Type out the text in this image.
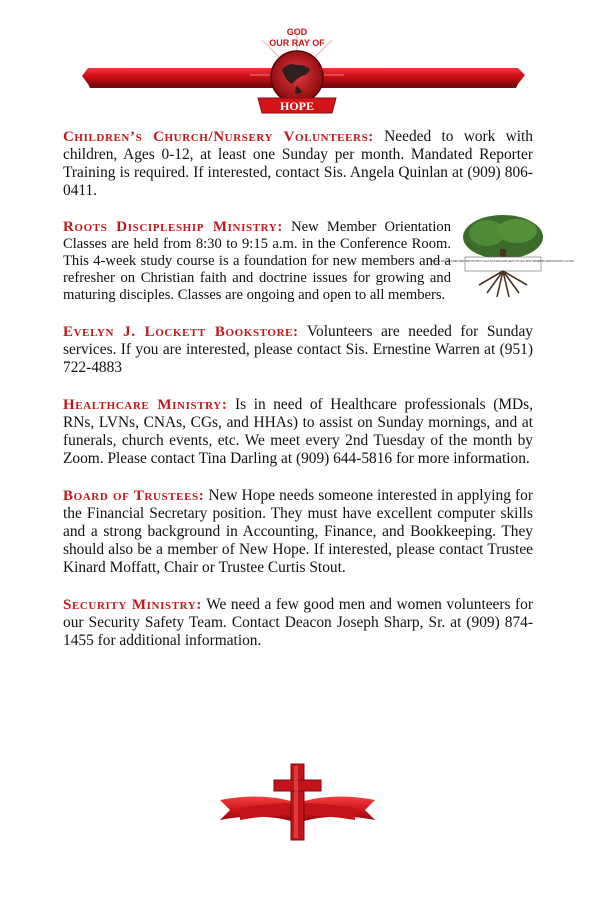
GOD
OUR RAY OF
HOPE

Children’s Church/Nursery Volunteers: Needed to work with children, Ages 0-12, at least one Sunday per month. Mandated Reporter Training is required. If interested, contact Sis. Angela Quinlan at (909) 806-0411.

ROOTS DISCIPLESHIP MINISTRY INVITES YOU TO LEARN AND GROW IN OUR NEW MEMBERS ORIENTATION CLASSES
Roots Discipleship Ministry: New Member Orientation Classes are held from 8:30 to 9:15 a.m. in the Conference Room. This 4-week study course is a foundation for new members and a refresher on Christian faith and doctrine issues for growing and maturing disciples. Classes are ongoing and open to all members.

Evelyn J. Lockett Bookstore: Volunteers are needed for Sunday services. If you are interested, please contact Sis. Ernestine Warren at (951) 722-4883

Healthcare Ministry: Is in need of Healthcare professionals (MDs, RNs, LVNs, CNAs, CGs, and HHAs) to assist on Sunday mornings, and at funerals, church events, etc. We meet every 2nd Tuesday of the month by Zoom. Please contact Tina Darling at (909) 644-5816 for more information.

Board of Trustees: New Hope needs someone interested in applying for the Financial Secretary position. They must have excellent computer skills and a strong background in Accounting, Finance, and Bookkeeping. They should also be a member of New Hope. If interested, please contact Trustee Kinard Moffatt, Chair or Trustee Curtis Stout.

Security Ministry: We need a few good men and women volunteers for our Security Safety Team. Contact Deacon Joseph Sharp, Sr. at (909) 874-1455 for additional information.
